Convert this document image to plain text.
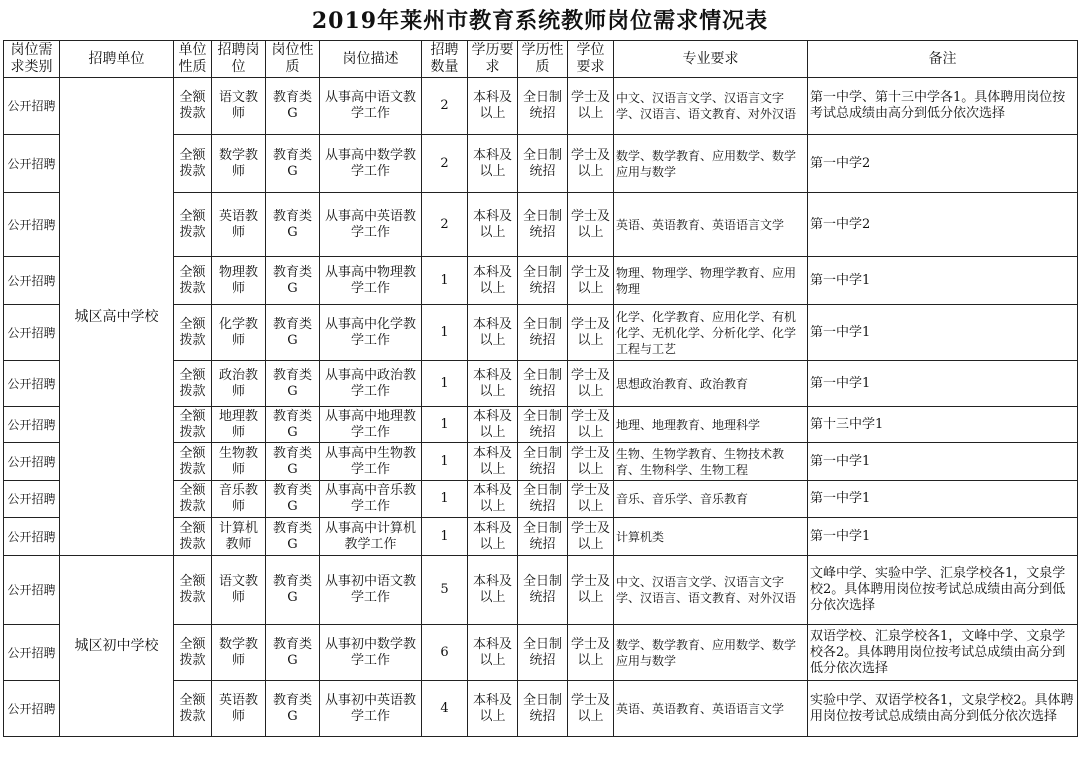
2019年莱州市教育系统教师岗位需求情况表
岗位需求类别	招聘单位	单位性质	招聘岗位	岗位性质	岗位描述	招聘数量	学历要求	学历性质	学位要求	专业要求	备注
公开招聘	城区高中学校	全额拨款	语文教师	教育类G	从事高中语文教学工作	2	本科及以上	全日制统招	学士及以上	中文、汉语言文学、汉语言文字学、汉语言、语文教育、对外汉语	第一中学、第十三中学各1。具体聘用岗位按考试总成绩由高分到低分依次选择
公开招聘		全额拨款	数学教师	教育类G	从事高中数学教学工作	2	本科及以上	全日制统招	学士及以上	数学、数学教育、应用数学、数学应用与数学	第一中学2
公开招聘		全额拨款	英语教师	教育类G	从事高中英语教学工作	2	本科及以上	全日制统招	学士及以上	英语、英语教育、英语语言文学	第一中学2
公开招聘		全额拨款	物理教师	教育类G	从事高中物理教学工作	1	本科及以上	全日制统招	学士及以上	物理、物理学、物理学教育、应用物理	第一中学1
公开招聘		全额拨款	化学教师	教育类G	从事高中化学教学工作	1	本科及以上	全日制统招	学士及以上	化学、化学教育、应用化学、有机化学、无机化学、分析化学、化学工程与工艺	第一中学1
公开招聘		全额拨款	政治教师	教育类G	从事高中政治教学工作	1	本科及以上	全日制统招	学士及以上	思想政治教育、政治教育	第一中学1
公开招聘		全额拨款	地理教师	教育类G	从事高中地理教学工作	1	本科及以上	全日制统招	学士及以上	地理、地理教育、地理科学	第十三中学1
公开招聘		全额拨款	生物教师	教育类G	从事高中生物教学工作	1	本科及以上	全日制统招	学士及以上	生物、生物学教育、生物技术教育、生物科学、生物工程	第一中学1
公开招聘		全额拨款	音乐教师	教育类G	从事高中音乐教学工作	1	本科及以上	全日制统招	学士及以上	音乐、音乐学、音乐教育	第一中学1
公开招聘		全额拨款	计算机教师	教育类G	从事高中计算机教学工作	1	本科及以上	全日制统招	学士及以上	计算机类	第一中学1
公开招聘	城区初中学校	全额拨款	语文教师	教育类G	从事初中语文教学工作	5	本科及以上	全日制统招	学士及以上	中文、汉语言文学、汉语言文字学、汉语言、语文教育、对外汉语	文峰中学、实验中学、汇泉学校各1，文泉学校2。具体聘用岗位按考试总成绩由高分到低分依次选择
公开招聘		全额拨款	数学教师	教育类G	从事初中数学教学工作	6	本科及以上	全日制统招	学士及以上	数学、数学教育、应用数学、数学应用与数学	双语学校、汇泉学校各1，文峰中学、文泉学校各2。具体聘用岗位按考试总成绩由高分到低分依次选择
公开招聘		全额拨款	英语教师	教育类G	从事初中英语教学工作	4	本科及以上	全日制统招	学士及以上	英语、英语教育、英语语言文学	实验中学、双语学校各1，文泉学校2。具体聘用岗位按考试总成绩由高分到低分依次选择
